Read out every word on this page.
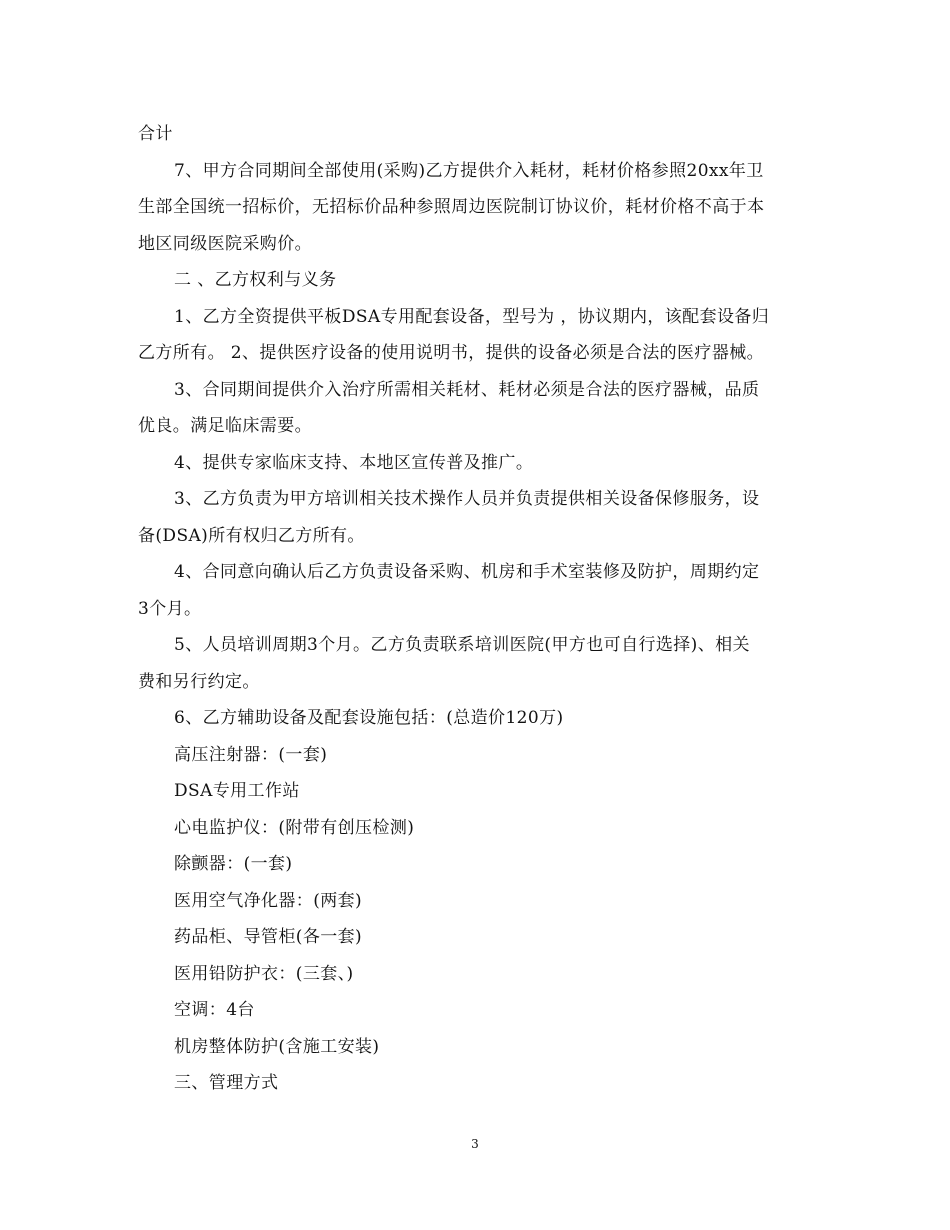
合计
7、甲方合同期间全部使用(采购)乙方提供介入耗材，耗材价格参照20xx年卫
生部全国统一招标价，无招标价品种参照周边医院制订协议价，耗材价格不高于本
地区同级医院采购价。
二 、乙方权利与义务
1、乙方全资提供平板DSA专用配套设备，型号为 ，协议期内，该配套设备归
乙方所有。 2、提供医疗设备的使用说明书，提供的设备必须是合法的医疗器械。
3、合同期间提供介入治疗所需相关耗材、耗材必须是合法的医疗器械，品质
优良。满足临床需要。
4、提供专家临床支持、本地区宣传普及推广。
3、乙方负责为甲方培训相关技术操作人员并负责提供相关设备保修服务，设
备(DSA)所有权归乙方所有。
4、合同意向确认后乙方负责设备采购、机房和手术室装修及防护，周期约定
3个月。
5、人员培训周期3个月。乙方负责联系培训医院(甲方也可自行选择)、相关
费和另行约定。
6、乙方辅助设备及配套设施包括：(总造价120万)
高压注射器：(一套)
DSA专用工作站
心电监护仪：(附带有创压检测)
除颤器：(一套)
医用空气净化器：(两套)
药品柜、导管柜(各一套)
医用铅防护衣：(三套、)
空调：4台
机房整体防护(含施工安装)
三、管理方式
3
